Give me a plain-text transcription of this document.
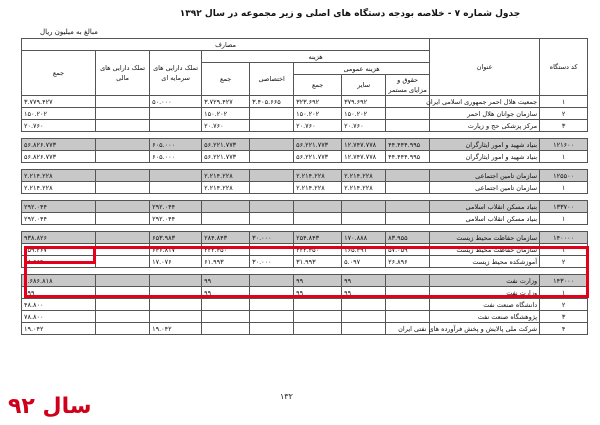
جدول شماره ۷ - خلاصه بودجه دستگاه های اصلی و زیر مجموعه در سال ۱۳۹۲
مبالغ به میلیون ریال
کد دستگاه	عنوان	مصارف							
		هزینه					تملک دارایی های سرمایه ای	تملک دارایی های مالی	جمع
		هزینه عمومی			اختصاصی	جمع			
		حقوق و مزایای مستمر	سایر	جمع					
۱	جمعیت هلال احمر جمهوری اسلامی ایران		۳۷۹.۶۹۲	۳۲۳.۶۹۲	۳.۴۰۵.۶۶۵	۳.۷۲۹.۴۲۷	۵۰.۰۰۰		۳.۷۷۹.۴۲۷
۲	سازمان جوانان هلال احمر		۱۵۰.۲۰۲	۱۵۰.۲۰۲		۱۵۰.۲۰۲			۱۵۰.۲۰۲
۳	مرکز پزشکی حج و زیارت		۲۰.۷۶۰	۲۰.۷۶۰		۲۰.۷۶۰			۲۰.۷۶۰

۱۲۱۶۰۰	بنیاد شهید و امور ایثارگران	۴۴.۴۴۴.۹۹۵	۱۲.۷۴۷.۷۷۸	۵۶.۲۲۱.۷۷۳		۵۶.۲۲۱.۷۷۳	۶۰۵.۰۰۰		۵۶.۸۲۶.۷۷۳
۱	بنیاد شهید و امور ایثارگران	۴۴.۴۴۴.۹۹۵	۱۲.۷۴۷.۷۷۸	۵۶.۲۲۱.۷۷۳		۵۶.۲۲۱.۷۷۳	۶۰۵.۰۰۰		۵۶.۸۲۶.۷۷۳

۱۲۵۵۰۰	سازمان تامین اجتماعی		۲.۲۱۴.۲۲۸	۲.۲۱۴.۲۲۸		۲.۲۱۴.۲۲۸			۲.۲۱۴.۲۲۸
۱	سازمان تامین اجتماعی		۲.۲۱۴.۲۲۸	۲.۲۱۴.۲۲۸		۲.۲۱۴.۲۲۸			۲.۲۱۴.۲۲۸

۱۳۳۷۰۰	بنیاد مسکن انقلاب اسلامی						۲۹۲.۰۴۴		۲۹۲.۰۴۴
۱	بنیاد مسکن انقلاب اسلامی						۲۹۲.۰۴۴		۲۹۲.۰۴۴

۱۴۰۰۰۰	سازمان حفاظت محیط زیست	۸۳.۹۵۵	۱۷۰.۸۸۸	۲۵۴.۸۴۳	۳۰.۰۰۰	۲۸۴.۸۴۳	۶۵۳.۹۸۳		۹۳۸.۸۲۶
۱	سازمان حفاظت محیط زیست	۵۷.۰۵۹	۱۶۵.۳۹۱	۲۲۲.۴۵۰		۲۲۲.۴۵۰	۶۳۶.۸۱۷		۸۵۹.۲۶۷
۲	آموزشکده محیط زیست	۲۶.۸۹۶	۵.۰۹۷	۳۱.۹۹۳	۳۰.۰۰۰	۶۱.۹۹۳	۱۷.۰۷۶		۷۸.۵۶۹

۱۴۳۰۰۰	وزارت نفت		۹۹	۹۹		۹۹			۱.۶۸۶.۸۱۸
۱	وزارت نفت		۹۹	۹۹		۹۹			۵۹۹
۲	دانشگاه صنعت نفت								۴۸.۸۰۰
۳	پژوهشگاه صنعت نفت								۷۸.۸۰۰
۴	شرکت ملی پالایش و پخش فرآورده های نفتی ایران						۱۹.۰۴۲		۱۹.۰۴۲
۱۳۲
سال ۹۲
